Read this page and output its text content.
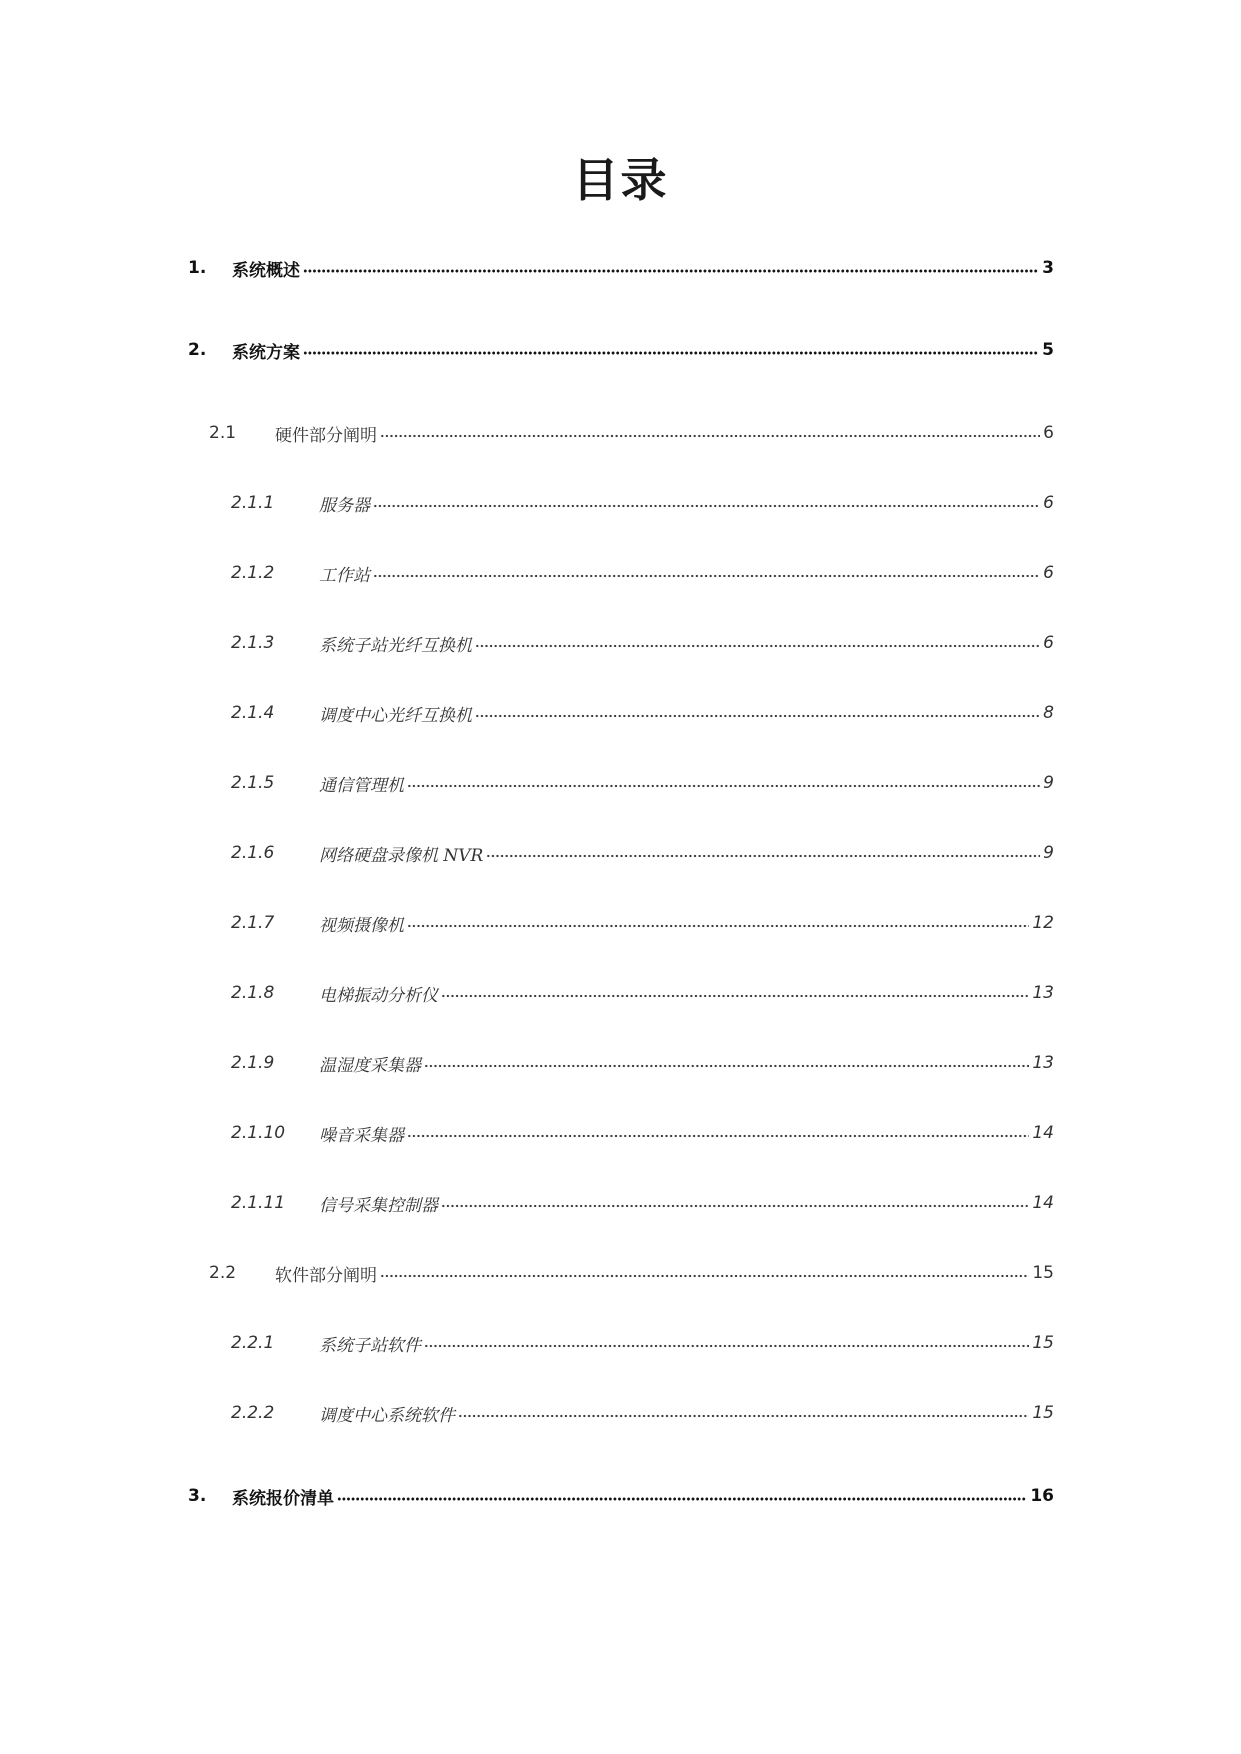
目录
1.	系统概述	3
2.	系统方案	5
2.1	硬件部分阐明	6
2.1.1	服务器	6
2.1.2	工作站	6
2.1.3	系统子站光纤互换机	6
2.1.4	调度中心光纤互换机	8
2.1.5	通信管理机	9
2.1.6	网络硬盘录像机 NVR	9
2.1.7	视频摄像机	12
2.1.8	电梯振动分析仪	13
2.1.9	温湿度采集器	13
2.1.10	噪音采集器	14
2.1.11	信号采集控制器	14
2.2	软件部分阐明	15
2.2.1	系统子站软件	15
2.2.2	调度中心系统软件	15
3.	系统报价清单	16
